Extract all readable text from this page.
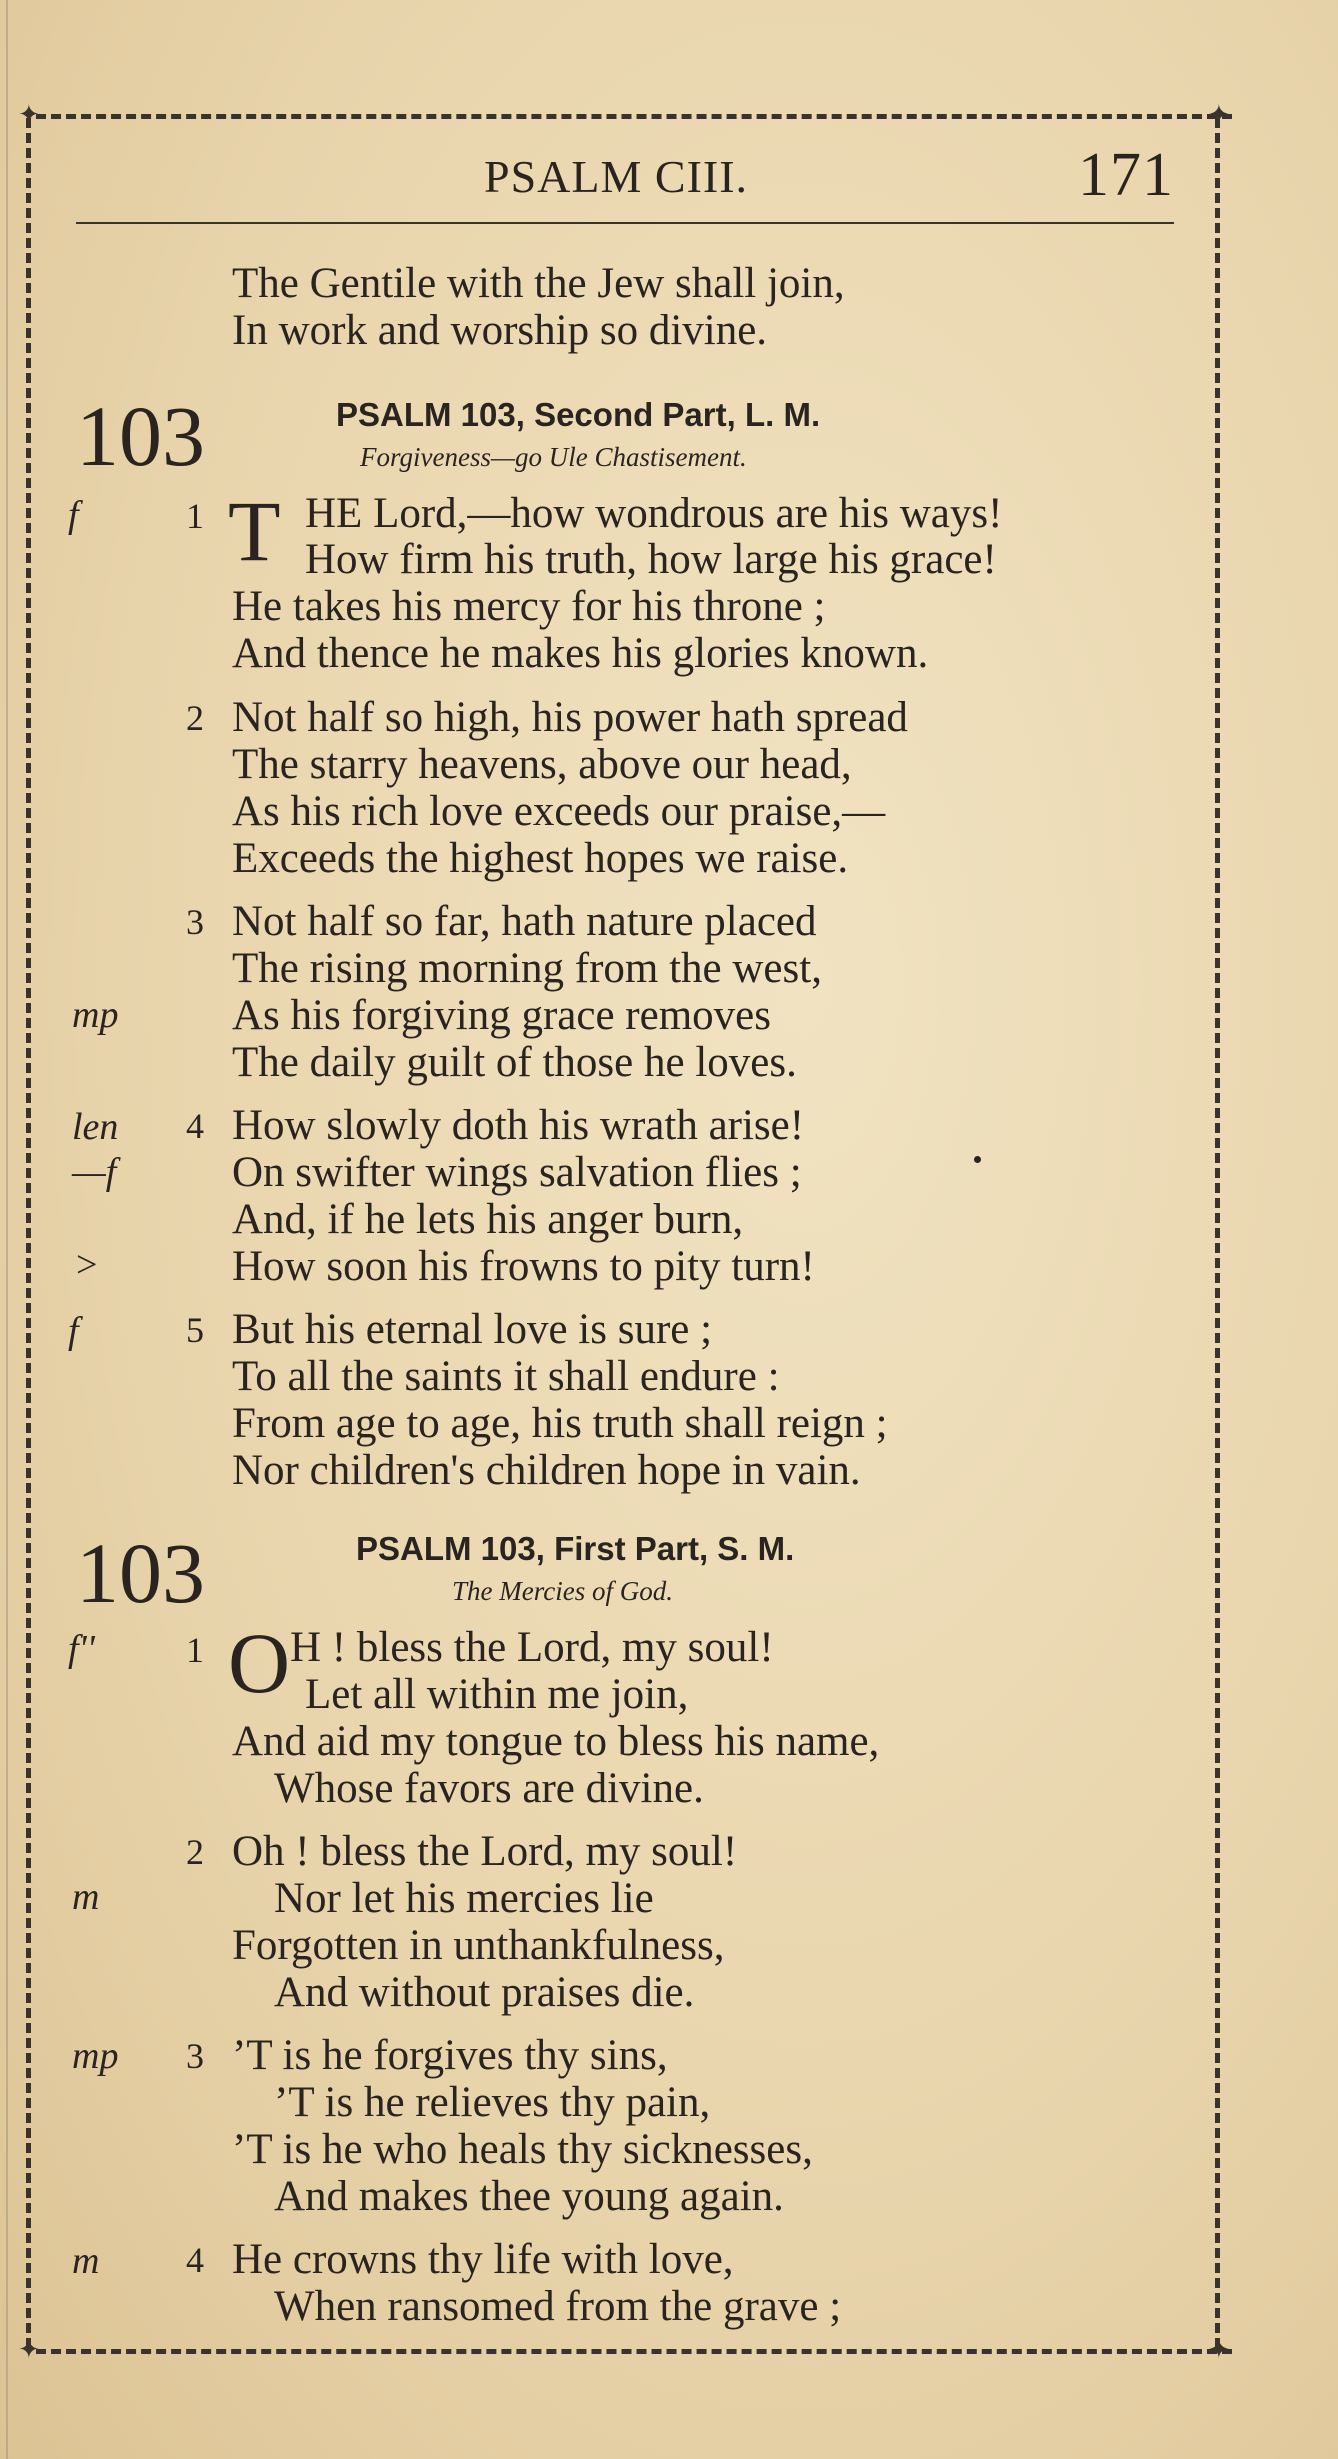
✦	✦
✦	✦
PSALM CIII.	171
The Gentile with the Jew shall join,
In work and worship so divine.
103	PSALM 103, Second Part, L. M.
Forgiveness—go Ule Chastisement.
f	1 T HE Lord,—how wondrous are his ways!
How firm his truth, how large his grace!
He takes his mercy for his throne ;
And thence he makes his glories known.
2 Not half so high, his power hath spread
The starry heavens, above our head,
As his rich love exceeds our praise,—
Exceeds the highest hopes we raise.
3 Not half so far, hath nature placed
The rising morning from the west,
mp	As his forgiving grace removes
The daily guilt of those he loves.
len 4 How slowly doth his wrath arise!
—f	On swifter wings salvation flies ;
And, if he lets his anger burn,
>	How soon his frowns to pity turn!
f	5 But his eternal love is sure ;
To all the saints it shall endure :
From age to age, his truth shall reign ;
Nor children's children hope in vain.
103	PSALM 103, First Part, S. M.
The Mercies of God.
f''	1 O H ! bless the Lord, my soul!
Let all within me join,
And aid my tongue to bless his name,
Whose favors are divine.
2 Oh ! bless the Lord, my soul!
m	Nor let his mercies lie
Forgotten in unthankfulness,
And without praises die.
mp 3 ’T is he forgives thy sins,
’T is he relieves thy pain,
’T is he who heals thy sicknesses,
And makes thee young again.
m 4 He crowns thy life with love,
When ransomed from the grave ;
